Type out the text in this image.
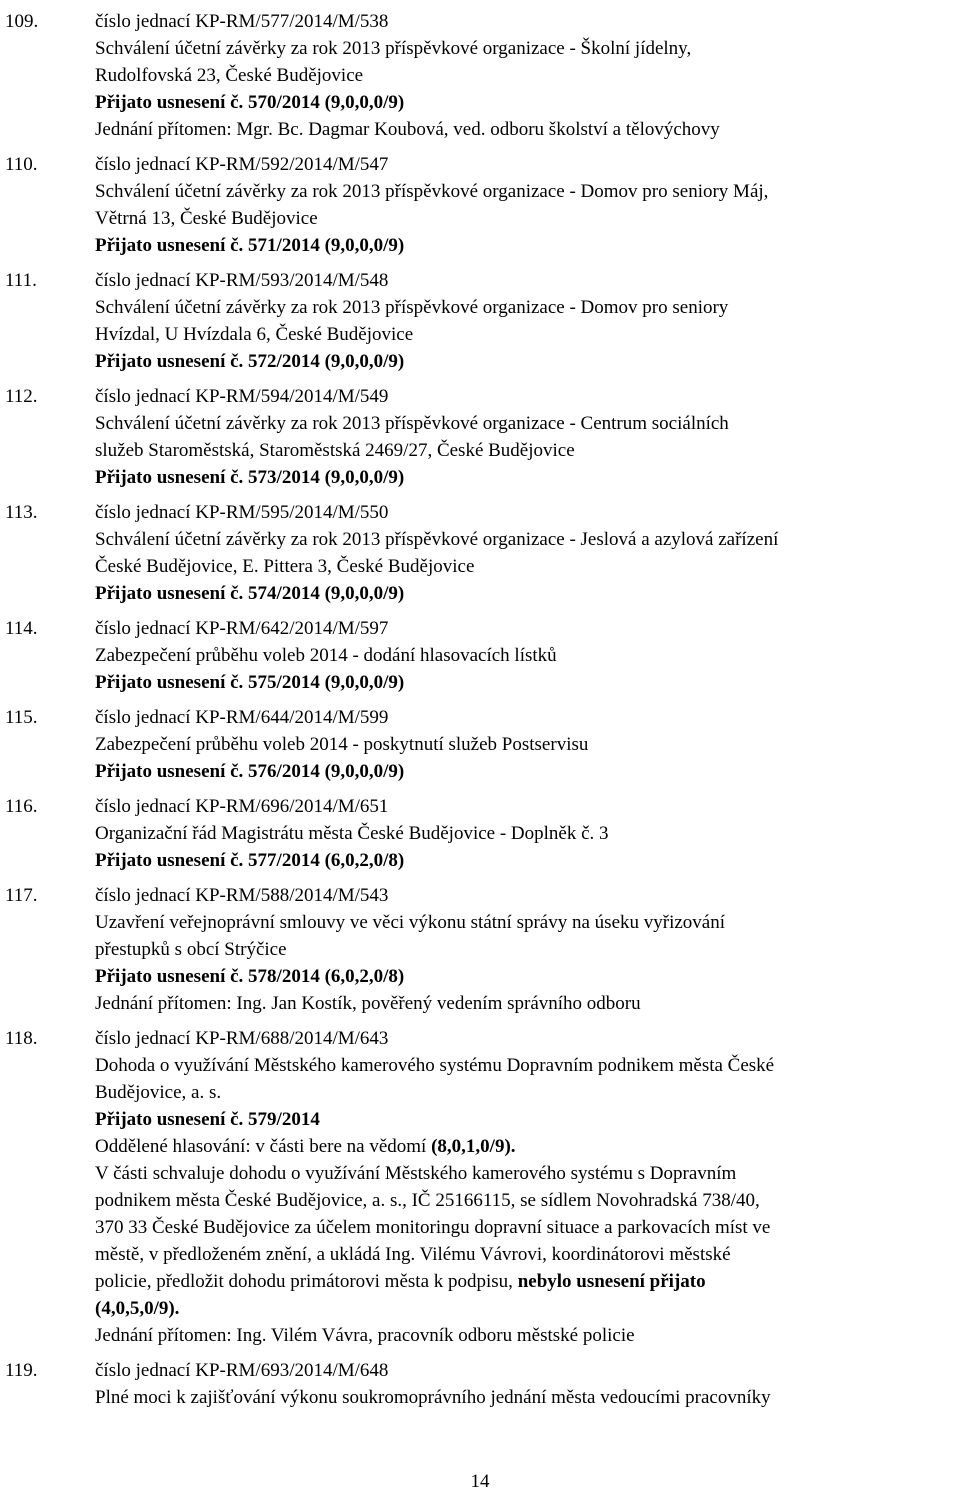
109.	číslo jednací KP-RM/577/2014/M/538
Schválení účetní závěrky za rok 2013 příspěvkové organizace - Školní jídelny,
Rudolfovská 23, České Budějovice
Přijato usnesení č. 570/2014 (9,0,0,0/9)
Jednání přítomen: Mgr. Bc. Dagmar Koubová, ved. odboru školství a tělovýchovy
110.	číslo jednací KP-RM/592/2014/M/547
Schválení účetní závěrky za rok 2013 příspěvkové organizace - Domov pro seniory Máj,
Větrná 13, České Budějovice
Přijato usnesení č. 571/2014 (9,0,0,0/9)
111.	číslo jednací KP-RM/593/2014/M/548
Schválení účetní závěrky za rok 2013 příspěvkové organizace - Domov pro seniory
Hvízdal, U Hvízdala 6, České Budějovice
Přijato usnesení č. 572/2014 (9,0,0,0/9)
112.	číslo jednací KP-RM/594/2014/M/549
Schválení účetní závěrky za rok 2013 příspěvkové organizace - Centrum sociálních
služeb Staroměstská, Staroměstská 2469/27, České Budějovice
Přijato usnesení č. 573/2014 (9,0,0,0/9)
113.	číslo jednací KP-RM/595/2014/M/550
Schválení účetní závěrky za rok 2013 příspěvkové organizace - Jeslová a azylová zařízení
České Budějovice, E. Pittera 3, České Budějovice
Přijato usnesení č. 574/2014 (9,0,0,0/9)
114.	číslo jednací KP-RM/642/2014/M/597
Zabezpečení průběhu voleb 2014 - dodání hlasovacích lístků
Přijato usnesení č. 575/2014 (9,0,0,0/9)
115.	číslo jednací KP-RM/644/2014/M/599
Zabezpečení průběhu voleb 2014 - poskytnutí služeb Postservisu
Přijato usnesení č. 576/2014 (9,0,0,0/9)
116.	číslo jednací KP-RM/696/2014/M/651
Organizační řád Magistrátu města České Budějovice - Doplněk č. 3
Přijato usnesení č. 577/2014 (6,0,2,0/8)
117.	číslo jednací KP-RM/588/2014/M/543
Uzavření veřejnoprávní smlouvy ve věci výkonu státní správy na úseku vyřizování
přestupků s obcí Strýčice
Přijato usnesení č. 578/2014 (6,0,2,0/8)
Jednání přítomen: Ing. Jan Kostík, pověřený vedením správního odboru
118.	číslo jednací KP-RM/688/2014/M/643
Dohoda o využívání Městského kamerového systému Dopravním podnikem města České
Budějovice, a. s.
Přijato usnesení č. 579/2014
Oddělené hlasování: v části bere na vědomí (8,0,1,0/9).
V části schvaluje dohodu o využívání Městského kamerového systému s Dopravním
podnikem města České Budějovice, a. s., IČ 25166115, se sídlem Novohradská 738/40,
370 33 České Budějovice za účelem monitoringu dopravní situace a parkovacích míst ve
městě, v předloženém znění, a ukládá Ing. Vilému Vávrovi, koordinátorovi městské
policie, předložit dohodu primátorovi města k podpisu, nebylo usnesení přijato
(4,0,5,0/9).
Jednání přítomen: Ing. Vilém Vávra, pracovník odboru městské policie
119.	číslo jednací KP-RM/693/2014/M/648
Plné moci k zajišťování výkonu soukromoprávního jednání města vedoucími pracovníky
14
